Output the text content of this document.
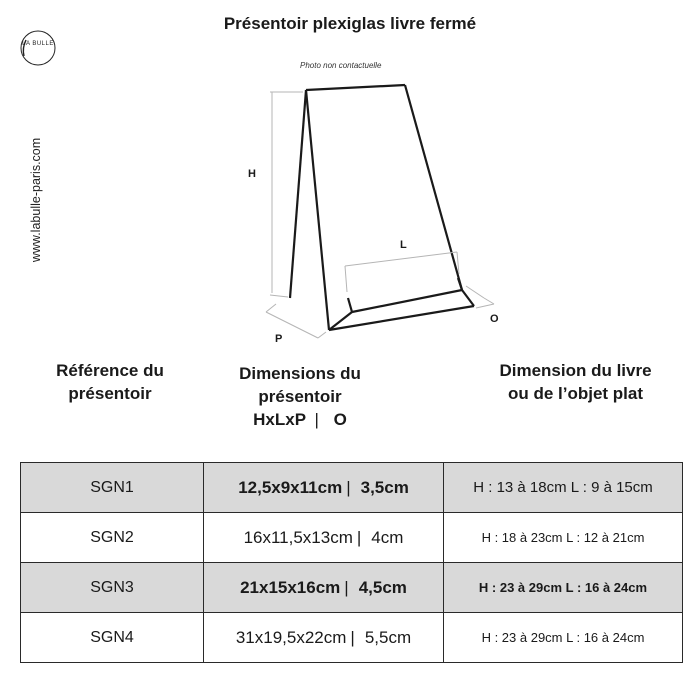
Présentoir plexiglas livre fermé
LA BULLE
www.labulle-paris.com
Photo non contactuelle
H
L
P
O
Référence du
présentoir
Dimensions du
présentoir
HxLxP | O
Dimension du livre
ou de l’objet plat
SGN1	12,5x9x11cm | 3,5cm	H : 13 à 18cm L : 9 à 15cm
SGN2	16x11,5x13cm | 4cm	H : 18 à 23cm L : 12 à 21cm
SGN3	21x15x16cm | 4,5cm	H : 23 à 29cm L : 16 à 24cm
SGN4	31x19,5x22cm | 5,5cm	H : 23 à 29cm L : 16 à 24cm
